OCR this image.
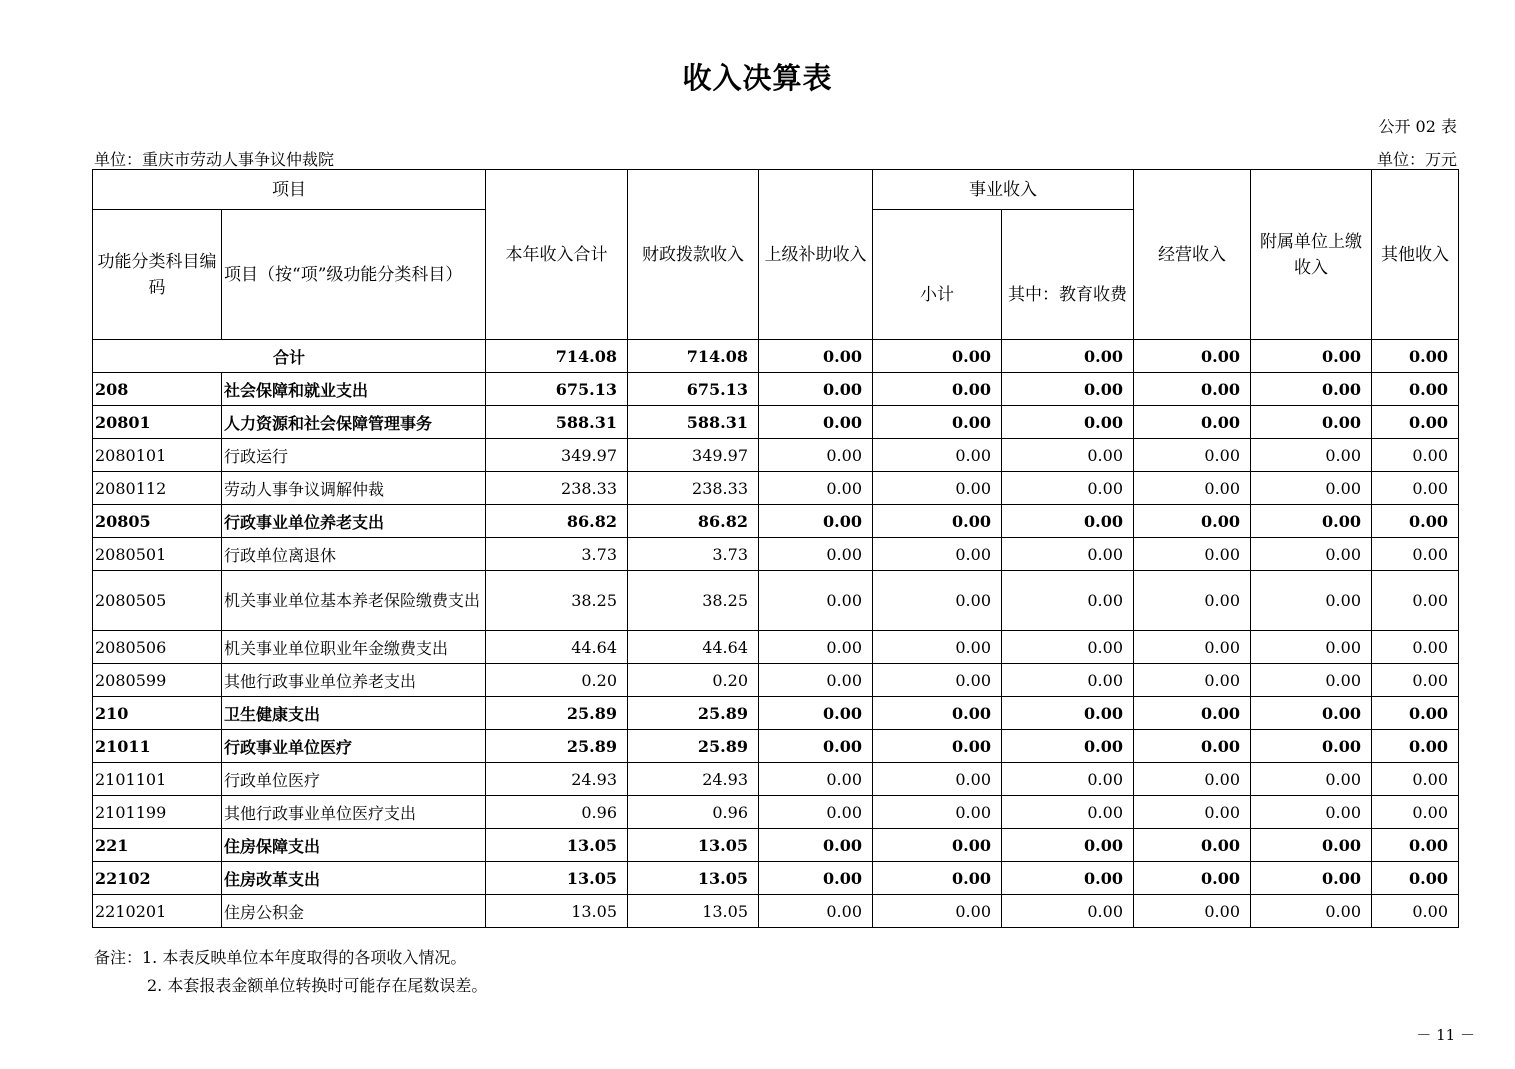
收入决算表
公开 02 表
单位：重庆市劳动人事争议仲裁院	单位：万元
项目		本年收入合计	财政拨款收入	上级补助收入	事业收入		经营收入	附属单位上缴收入	其他收入
功能分类科目编码	项目（按“项”级功能分类科目）				小计	其中：教育收费			
合计		714.08	714.08	0.00	0.00	0.00	0.00	0.00	0.00
208	社会保障和就业支出	675.13	675.13	0.00	0.00	0.00	0.00	0.00	0.00
20801	人力资源和社会保障管理事务	588.31	588.31	0.00	0.00	0.00	0.00	0.00	0.00
2080101	行政运行	349.97	349.97	0.00	0.00	0.00	0.00	0.00	0.00
2080112	劳动人事争议调解仲裁	238.33	238.33	0.00	0.00	0.00	0.00	0.00	0.00
20805	行政事业单位养老支出	86.82	86.82	0.00	0.00	0.00	0.00	0.00	0.00
2080501	行政单位离退休	3.73	3.73	0.00	0.00	0.00	0.00	0.00	0.00
2080505	机关事业单位基本养老保险缴费支出	38.25	38.25	0.00	0.00	0.00	0.00	0.00	0.00
2080506	机关事业单位职业年金缴费支出	44.64	44.64	0.00	0.00	0.00	0.00	0.00	0.00
2080599	其他行政事业单位养老支出	0.20	0.20	0.00	0.00	0.00	0.00	0.00	0.00
210	卫生健康支出	25.89	25.89	0.00	0.00	0.00	0.00	0.00	0.00
21011	行政事业单位医疗	25.89	25.89	0.00	0.00	0.00	0.00	0.00	0.00
2101101	行政单位医疗	24.93	24.93	0.00	0.00	0.00	0.00	0.00	0.00
2101199	其他行政事业单位医疗支出	0.96	0.96	0.00	0.00	0.00	0.00	0.00	0.00
221	住房保障支出	13.05	13.05	0.00	0.00	0.00	0.00	0.00	0.00
22102	住房改革支出	13.05	13.05	0.00	0.00	0.00	0.00	0.00	0.00
2210201	住房公积金	13.05	13.05	0.00	0.00	0.00	0.00	0.00	0.00
备注：1. 本表反映单位本年度取得的各项收入情况。
2. 本套报表金额单位转换时可能存在尾数误差。
－ 11 －
